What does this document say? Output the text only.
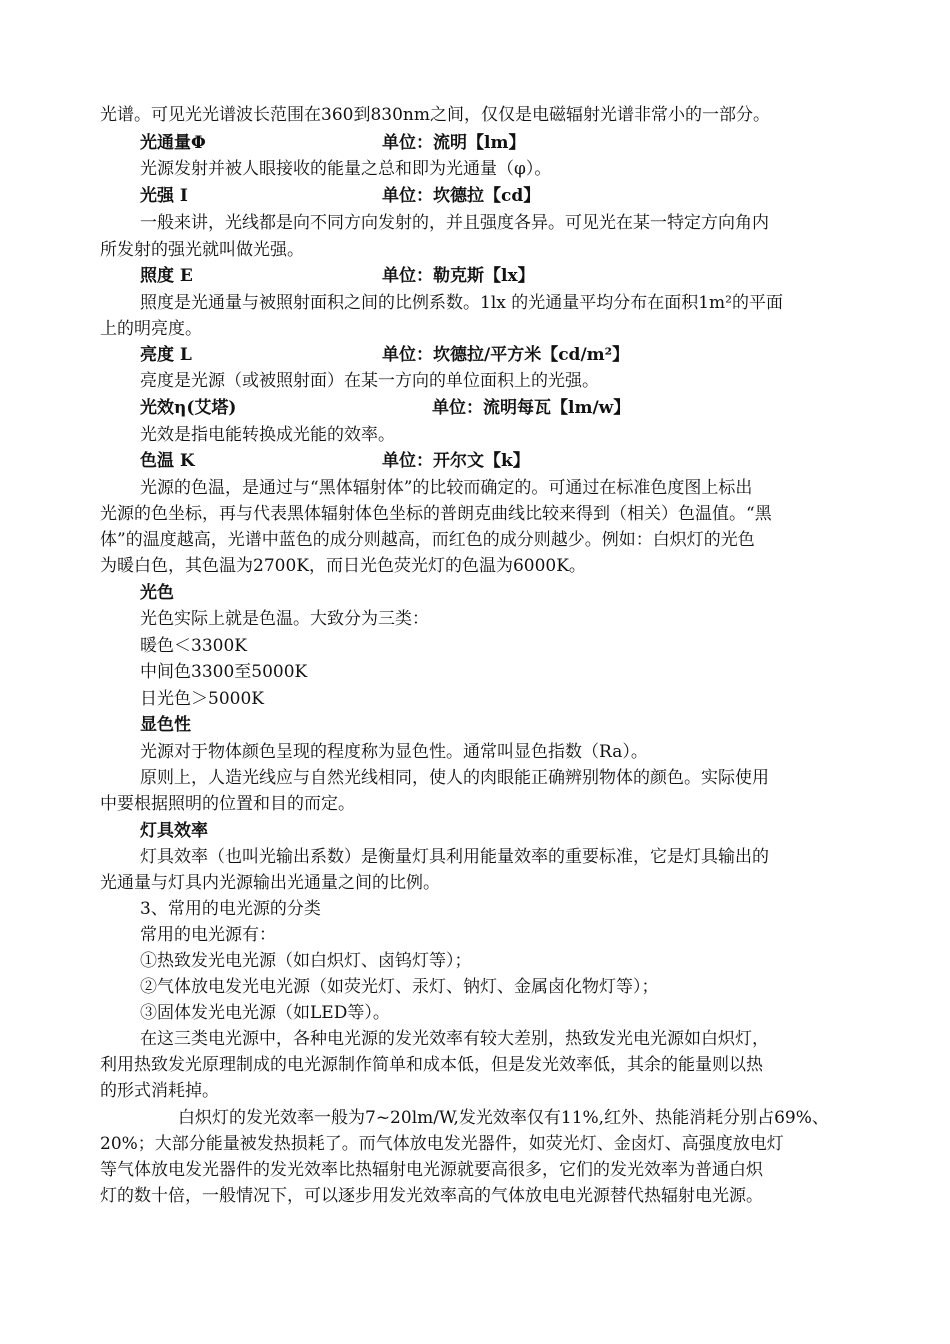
光谱。可见光光谱波长范围在360到830nm之间，仅仅是电磁辐射光谱非常小的一部分。

光通量Φ	单位：流明【lm】

光源发射并被人眼接收的能量之总和即为光通量（φ）。

光强 I	单位：坎德拉【cd】

一般来讲，光线都是向不同方向发射的，并且强度各异。可见光在某一特定方向角内

所发射的强光就叫做光强。

照度 E	单位：勒克斯【lx】

照度是光通量与被照射面积之间的比例系数。1lx 的光通量平均分布在面积1m²的平面

上的明亮度。

亮度 L	单位：坎德拉/平方米【cd/m²】

亮度是光源（或被照射面）在某一方向的单位面积上的光强。

光效η(艾塔)	单位：流明每瓦【lm/w】

光效是指电能转换成光能的效率。

色温 K	单位：开尔文【k】

光源的色温，是通过与“黑体辐射体”的比较而确定的。可通过在标准色度图上标出

光源的色坐标，再与代表黑体辐射体色坐标的普朗克曲线比较来得到（相关）色温值。“黑

体”的温度越高，光谱中蓝色的成分则越高，而红色的成分则越少。例如：白炽灯的光色

为暖白色，其色温为2700K，而日光色荧光灯的色温为6000K。

光色

光色实际上就是色温。大致分为三类：

暖色＜3300K

中间色3300至5000K

日光色＞5000K

显色性

光源对于物体颜色呈现的程度称为显色性。通常叫显色指数（Ra）。

原则上，人造光线应与自然光线相同，使人的肉眼能正确辨别物体的颜色。实际使用

中要根据照明的位置和目的而定。

灯具效率

灯具效率（也叫光输出系数）是衡量灯具利用能量效率的重要标准，它是灯具输出的

光通量与灯具内光源输出光通量之间的比例。

3、常用的电光源的分类

常用的电光源有：

①热致发光电光源（如白炽灯、卤钨灯等）；

②气体放电发光电光源（如荧光灯、汞灯、钠灯、金属卤化物灯等）；

③固体发光电光源（如LED等）。

在这三类电光源中，各种电光源的发光效率有较大差别，热致发光电光源如白炽灯，

利用热致发光原理制成的电光源制作简单和成本低，但是发光效率低，其余的能量则以热

的形式消耗掉。

白炽灯的发光效率一般为7~20lm/W,发光效率仅有11%,红外、热能消耗分别占69%、

20%；大部分能量被发热损耗了。而气体放电发光器件，如荧光灯、金卤灯、高强度放电灯

等气体放电发光器件的发光效率比热辐射电光源就要高很多，它们的发光效率为普通白炽

灯的数十倍，一般情况下，可以逐步用发光效率高的气体放电电光源替代热辐射电光源。
